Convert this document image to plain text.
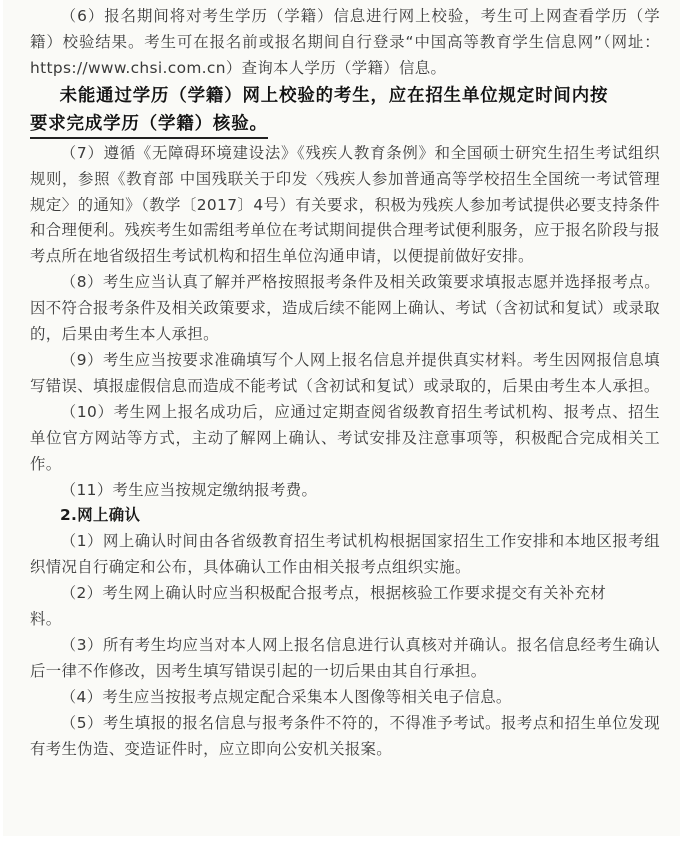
（6）报名期间将对考生学历（学籍）信息进行网上校验，考生可上网查看学历（学籍）校验结果。考生可在报名前或报名期间自行登录“中国高等教育学生信息网”（网址：https://www.chsi.com.cn）查询本人学历（学籍）信息。

未能通过学历（学籍）网上校验的考生，应在招生单位规定时间内按
要求完成学历（学籍）核验。

（7）遵循《无障碍环境建设法》《残疾人教育条例》和全国硕士研究生招生考试组织规则，参照《教育部 中国残联关于印发〈残疾人参加普通高等学校招生全国统一考试管理规定〉的通知》（教学〔2017〕4号）有关要求，积极为残疾人参加考试提供必要支持条件和合理便利。残疾考生如需组考单位在考试期间提供合理考试便利服务，应于报名阶段与报考点所在地省级招生考试机构和招生单位沟通申请，以便提前做好安排。

（8）考生应当认真了解并严格按照报考条件及相关政策要求填报志愿并选择报考点。因不符合报考条件及相关政策要求，造成后续不能网上确认、考试（含初试和复试）或录取的，后果由考生本人承担。

（9）考生应当按要求准确填写个人网上报名信息并提供真实材料。考生因网报信息填写错误、填报虚假信息而造成不能考试（含初试和复试）或录取的，后果由考生本人承担。

（10）考生网上报名成功后，应通过定期查阅省级教育招生考试机构、报考点、招生单位官方网站等方式，主动了解网上确认、考试安排及注意事项等，积极配合完成相关工作。

（11）考生应当按规定缴纳报考费。

2.网上确认

（1）网上确认时间由各省级教育招生考试机构根据国家招生工作安排和本地区报考组织情况自行确定和公布，具体确认工作由相关报考点组织实施。

（2）考生网上确认时应当积极配合报考点，根据核验工作要求提交有关补充材

料。

（3）所有考生均应当对本人网上报名信息进行认真核对并确认。报名信息经考生确认后一律不作修改，因考生填写错误引起的一切后果由其自行承担。

（4）考生应当按报考点规定配合采集本人图像等相关电子信息。

（5）考生填报的报名信息与报考条件不符的，不得准予考试。报考点和招生单位发现有考生伪造、变造证件时，应立即向公安机关报案。
